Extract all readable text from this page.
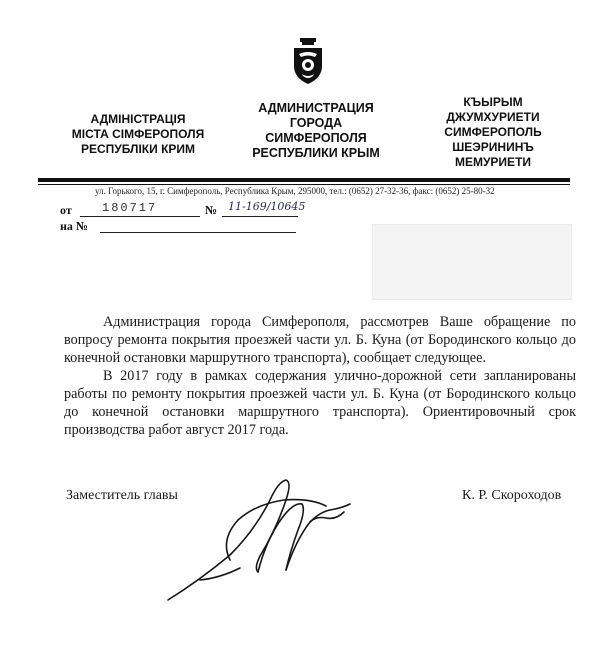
АДМІНІСТРАЦІЯ
МІСТА СІМФЕРОПОЛЯ
РЕСПУБЛІКИ КРИМ
АДМИНИСТРАЦИЯ
ГОРОДА
СИМФЕРОПОЛЯ
РЕСПУБЛИКИ КРЫМ
КЪЫРЫМ
ДЖУМХУРИЕТИ
СИМФЕРОПОЛЬ
ШЕЭРИНИНЪ
МЕМУРИЕТИ
ул. Горького, 15, г. Симферополь, Республика Крым, 295000, тел.: (0652) 27-32-36, факс: (0652) 25-80-32
от	180717	№ 11-169/10645
на №

Администрация города Симферополя, рассмотрев Ваше обращение по вопросу ремонта покрытия проезжей части ул. Б. Куна (от Бородинского кольцо до конечной остановки маршрутного транспорта), сообщает следующее.

В 2017 году в рамках содержания улично-дорожной сети запланированы работы по ремонту покрытия проезжей части ул. Б. Куна (от Бородинского кольцо до конечной остановки маршрутного транспорта). Ориентировочный срок производства работ август 2017 года.

Заместитель главы	К. Р. Скороходов
